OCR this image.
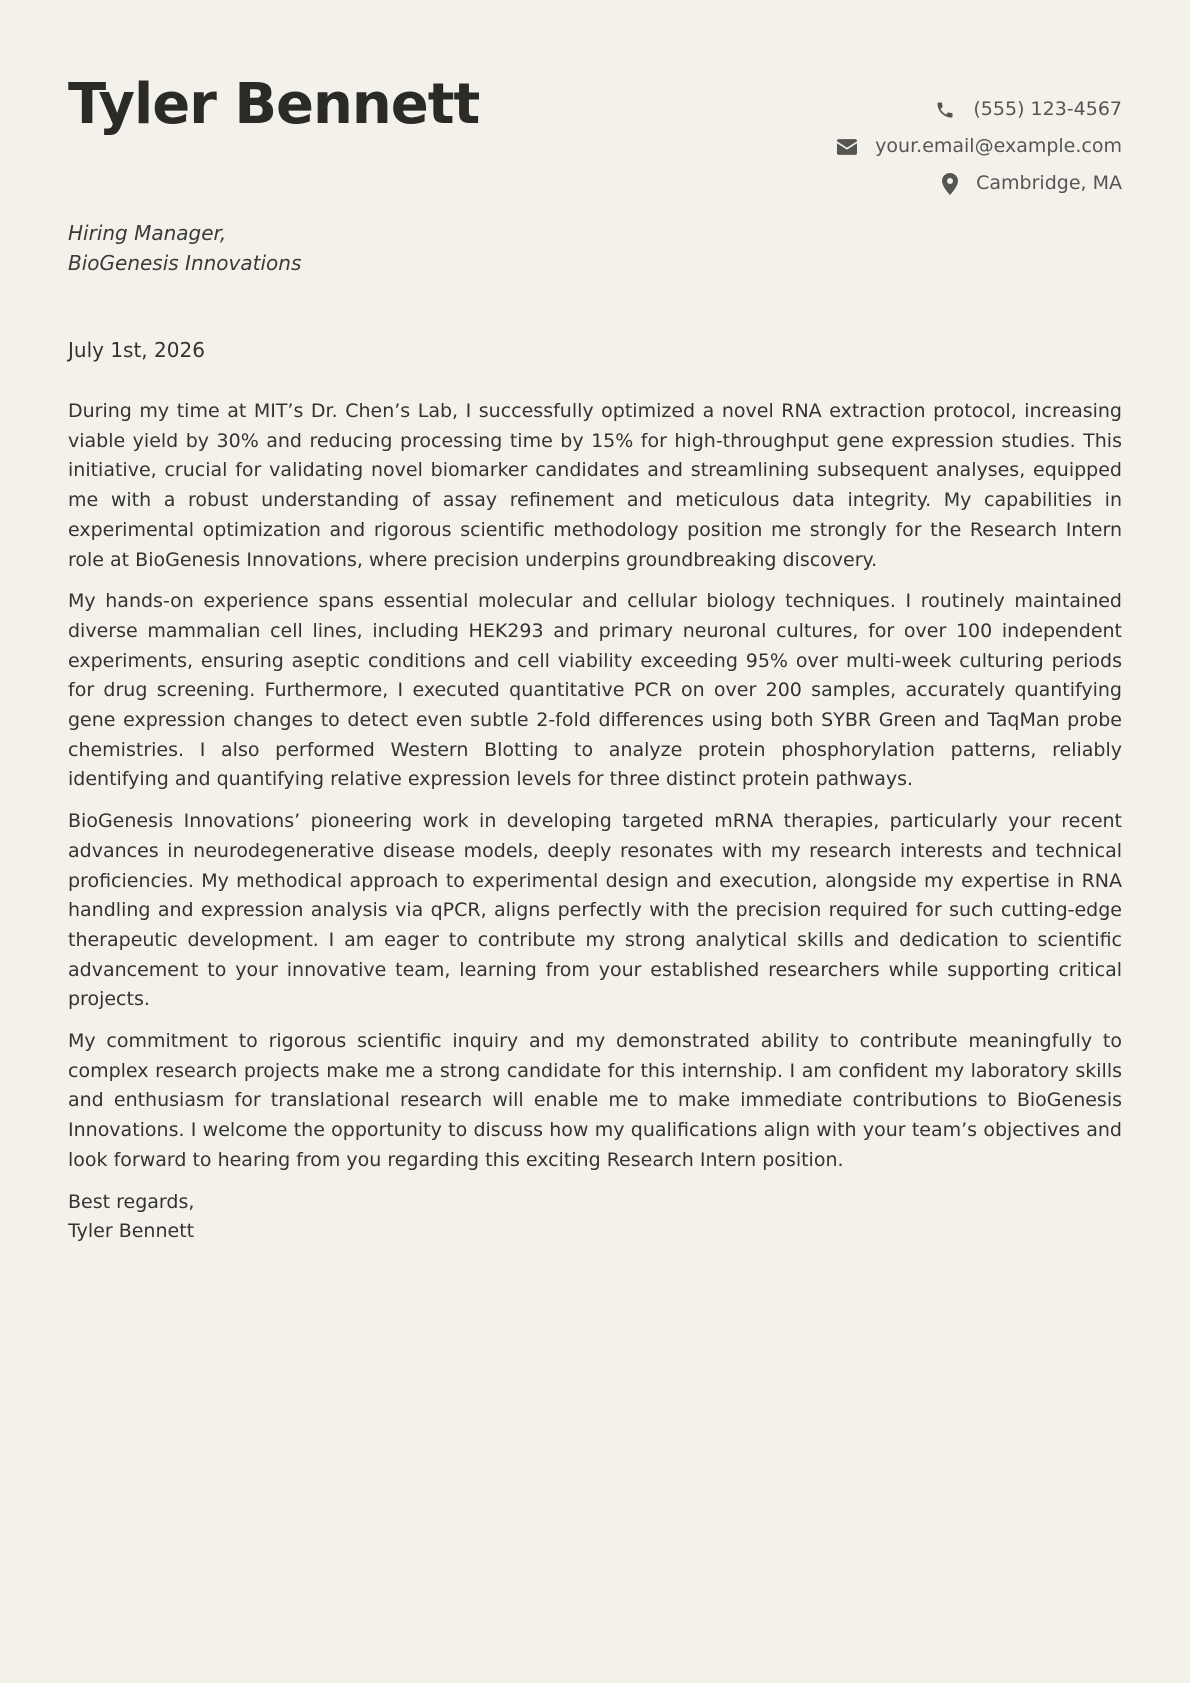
Tyler Bennett	(555) 123-4567
your.email@example.com
Cambridge, MA
Hiring Manager,
BioGenesis Innovations
July 1st, 2026

During my time at MIT’s Dr. Chen’s Lab, I successfully optimized a novel RNA extraction protocol, increasing viable yield by 30% and reducing processing time by 15% for high-throughput gene expression studies. This initiative, crucial for validating novel biomarker candidates and streamlining subsequent analyses, equipped me with a robust understanding of assay refinement and meticulous data integrity. My capabilities in experimental optimization and rigorous scientific methodology position me strongly for the Research Intern role at BioGenesis Innovations, where precision underpins groundbreaking discovery.

My hands-on experience spans essential molecular and cellular biology techniques. I routinely maintained diverse mammalian cell lines, including HEK293 and primary neuronal cultures, for over 100 independent experiments, ensuring aseptic conditions and cell viability exceeding 95% over multi-week culturing periods for drug screening. Furthermore, I executed quantitative PCR on over 200 samples, accurately quantifying gene expression changes to detect even subtle 2-fold differences using both SYBR Green and TaqMan probe chemistries. I also performed Western Blotting to analyze protein phosphorylation patterns, reliably identifying and quantifying relative expression levels for three distinct protein pathways.

BioGenesis Innovations’ pioneering work in developing targeted mRNA therapies, particularly your recent advances in neurodegenerative disease models, deeply resonates with my research interests and technical proficiencies. My methodical approach to experimental design and execution, alongside my expertise in RNA handling and expression analysis via qPCR, aligns perfectly with the precision required for such cutting-edge therapeutic development. I am eager to contribute my strong analytical skills and dedication to scientific advancement to your innovative team, learning from your established researchers while supporting critical projects.

My commitment to rigorous scientific inquiry and my demonstrated ability to contribute meaningfully to complex research projects make me a strong candidate for this internship. I am confident my laboratory skills and enthusiasm for translational research will enable me to make immediate contributions to BioGenesis Innovations. I welcome the opportunity to discuss how my qualifications align with your team’s objectives and look forward to hearing from you regarding this exciting Research Intern position.

Best regards,
Tyler Bennett
